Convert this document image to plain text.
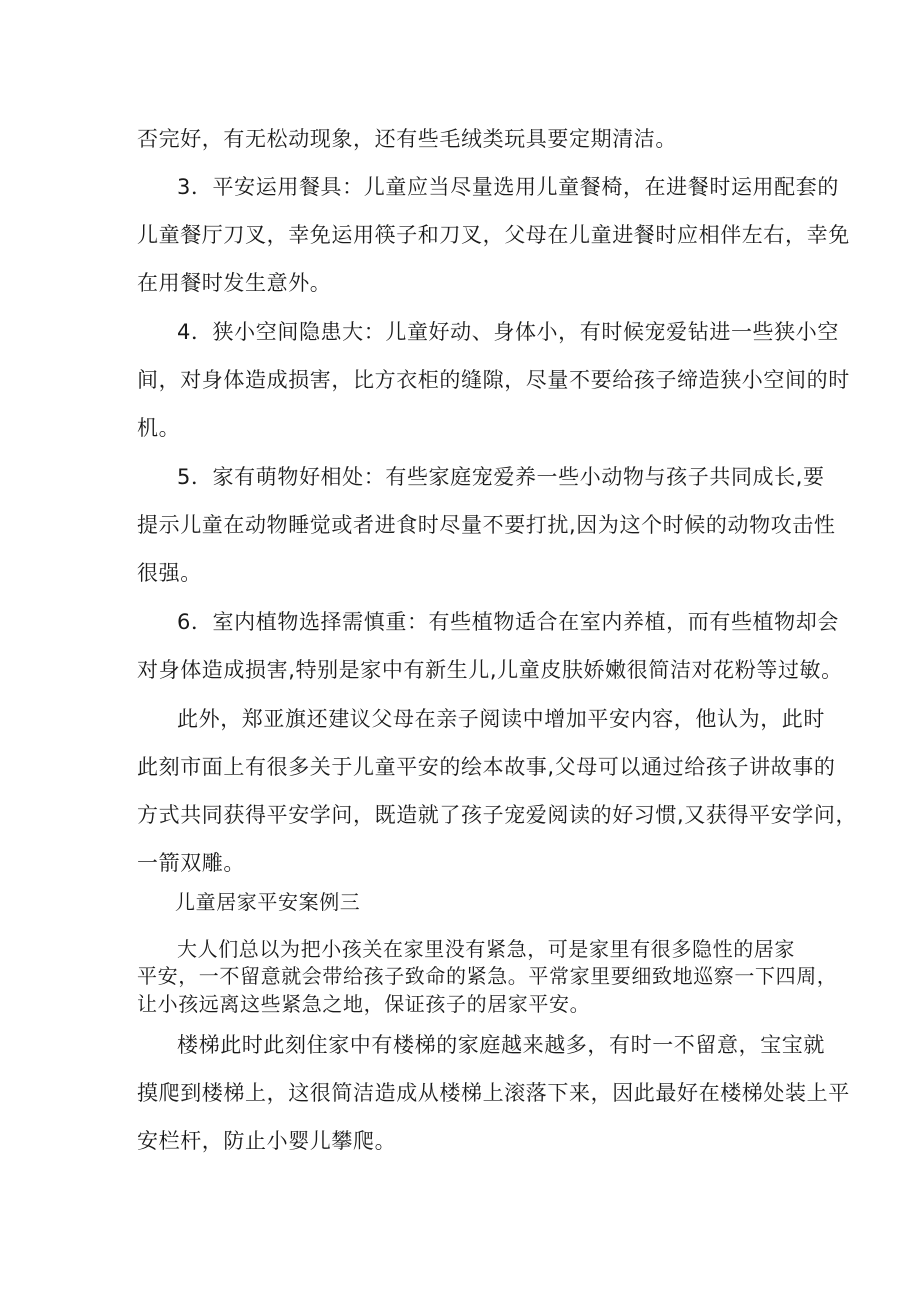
否完好，有无松动现象，还有些毛绒类玩具要定期清洁。
3．平安运用餐具：儿童应当尽量选用儿童餐椅，在进餐时运用配套的
儿童餐厅刀叉，幸免运用筷子和刀叉，父母在儿童进餐时应相伴左右，幸免
在用餐时发生意外。
4．狭小空间隐患大：儿童好动、身体小，有时候宠爱钻进一些狭小空
间，对身体造成损害，比方衣柜的缝隙，尽量不要给孩子缔造狭小空间的时
机。
5．家有萌物好相处：有些家庭宠爱养一些小动物与孩子共同成长,要
提示儿童在动物睡觉或者进食时尽量不要打扰,因为这个时候的动物攻击性
很强。
6．室内植物选择需慎重：有些植物适合在室内养植，而有些植物却会
对身体造成损害,特别是家中有新生儿,儿童皮肤娇嫩很简洁对花粉等过敏。
此外，郑亚旗还建议父母在亲子阅读中增加平安内容，他认为，此时
此刻市面上有很多关于儿童平安的绘本故事,父母可以通过给孩子讲故事的
方式共同获得平安学问，既造就了孩子宠爱阅读的好习惯,又获得平安学问，
一箭双雕。
儿童居家平安案例三
大人们总以为把小孩关在家里没有紧急，可是家里有很多隐性的居家
平安，一不留意就会带给孩子致命的紧急。平常家里要细致地巡察一下四周，
让小孩远离这些紧急之地，保证孩子的居家平安。
楼梯此时此刻住家中有楼梯的家庭越来越多，有时一不留意，宝宝就
摸爬到楼梯上，这很简洁造成从楼梯上滚落下来，因此最好在楼梯处装上平
安栏杆，防止小婴儿攀爬。
